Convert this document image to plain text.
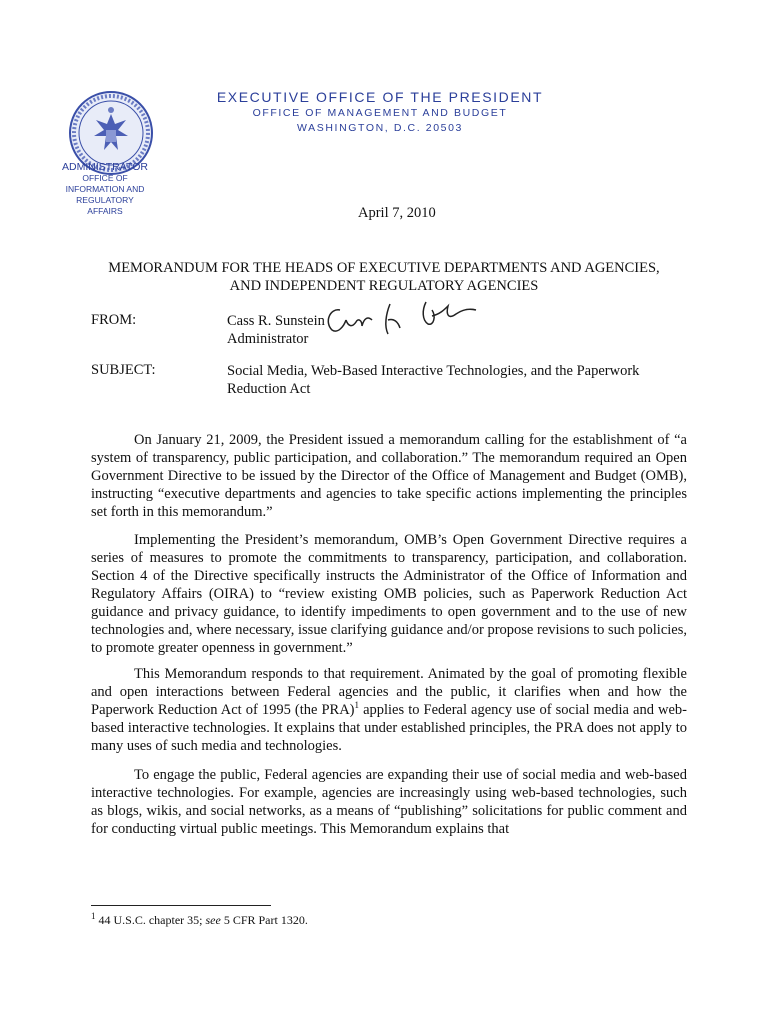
ADMINISTRATOR
OFFICE OF
INFORMATION AND
REGULATORY
AFFAIRS
EXECUTIVE OFFICE OF THE PRESIDENT
OFFICE OF MANAGEMENT AND BUDGET
WASHINGTON, D.C. 20503
April 7, 2010
MEMORANDUM FOR THE HEADS OF EXECUTIVE DEPARTMENTS AND AGENCIES,
AND INDEPENDENT REGULATORY AGENCIES
FROM:	Cass R. Sunstein
Administrator
SUBJECT:	Social Media, Web-Based Interactive Technologies, and the Paperwork
Reduction Act

On January 21, 2009, the President issued a memorandum calling for the establishment of “a system of transparency, public participation, and collaboration.” The memorandum required an Open Government Directive to be issued by the Director of the Office of Management and Budget (OMB), instructing “executive departments and agencies to take specific actions implementing the principles set forth in this memorandum.”

Implementing the President’s memorandum, OMB’s Open Government Directive requires a series of measures to promote the commitments to transparency, participation, and collaboration. Section 4 of the Directive specifically instructs the Administrator of the Office of Information and Regulatory Affairs (OIRA) to “review existing OMB policies, such as Paperwork Reduction Act guidance and privacy guidance, to identify impediments to open government and to the use of new technologies and, where necessary, issue clarifying guidance and/or propose revisions to such policies, to promote greater openness in government.”

This Memorandum responds to that requirement. Animated by the goal of promoting flexible and open interactions between Federal agencies and the public, it clarifies when and how the Paperwork Reduction Act of 1995 (the PRA)$^1$ applies to Federal agency use of social media and web-based interactive technologies. It explains that under established principles, the PRA does not apply to many uses of such media and technologies.

To engage the public, Federal agencies are expanding their use of social media and web-based interactive technologies. For example, agencies are increasingly using web-based technologies, such as blogs, wikis, and social networks, as a means of “publishing” solicitations for public comment and for conducting virtual public meetings. This Memorandum explains that

$^1$ 44 U.S.C. chapter 35; see 5 CFR Part 1320.
